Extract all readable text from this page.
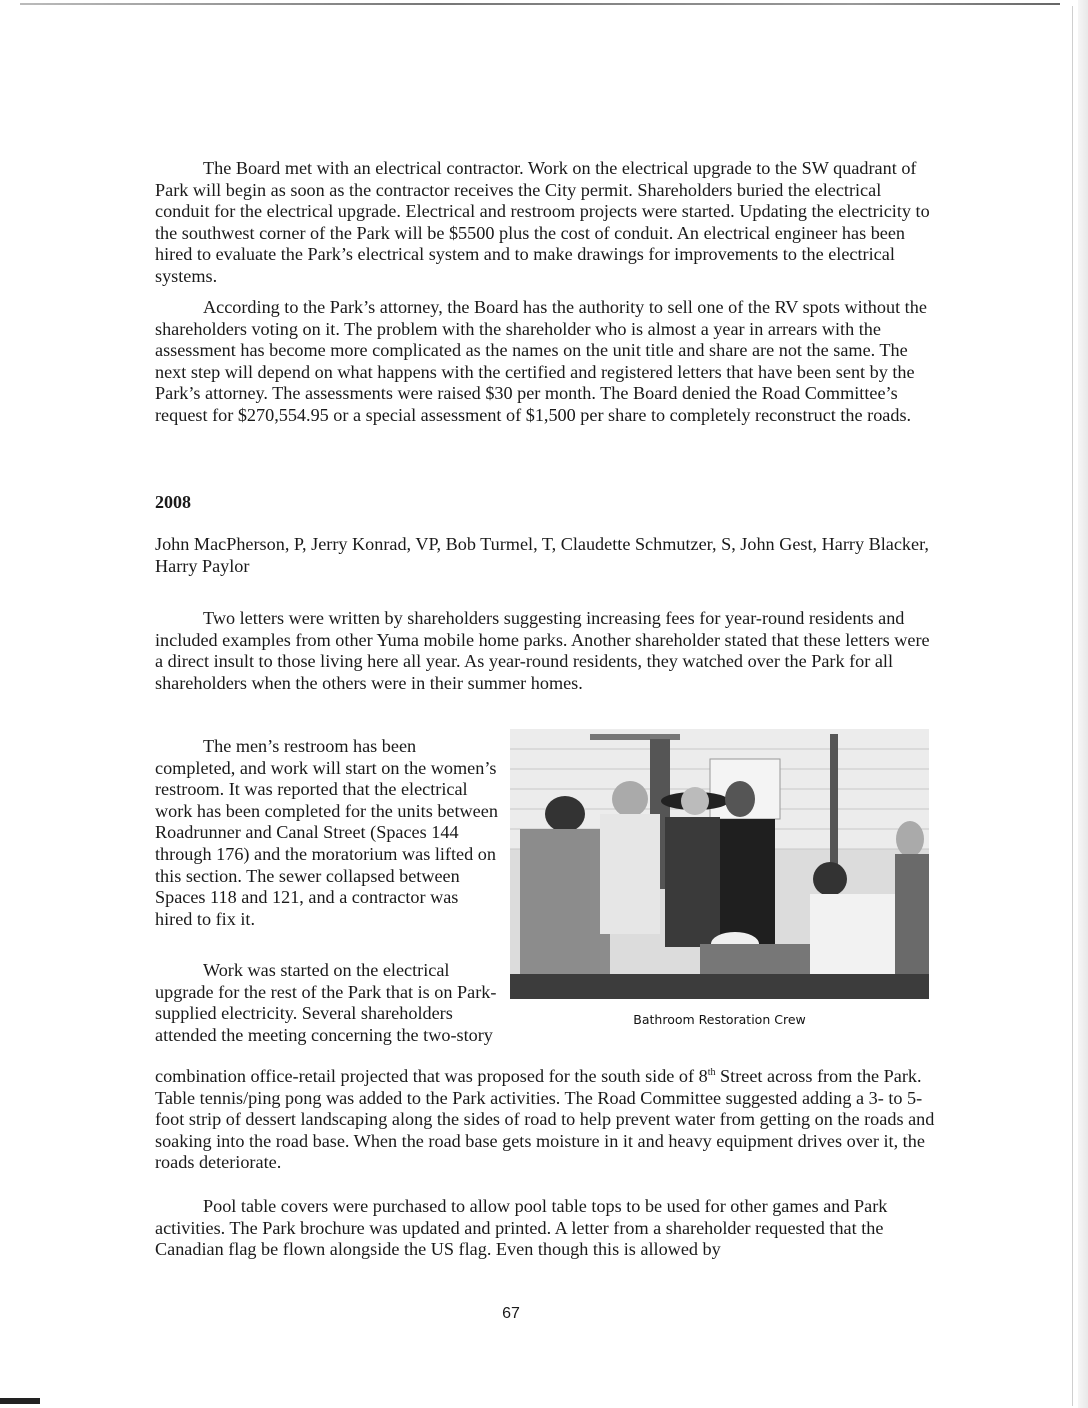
The Board met with an electrical contractor. Work on the electrical upgrade to the SW quadrant of Park will begin as soon as the contractor receives the City permit. Shareholders buried the electrical conduit for the electrical upgrade. Electrical and restroom projects were started. Updating the electricity to the southwest corner of the Park will be $5500 plus the cost of conduit. An electrical engineer has been hired to evaluate the Park’s electrical system and to make drawings for improvements to the electrical systems.

According to the Park’s attorney, the Board has the authority to sell one of the RV spots without the shareholders voting on it. The problem with the shareholder who is almost a year in arrears with the assessment has become more complicated as the names on the unit title and share are not the same. The next step will depend on what happens with the certified and registered letters that have been sent by the Park’s attorney. The assessments were raised $30 per month. The Board denied the Road Committee’s request for $270,554.95 or a special assessment of $1,500 per share to completely reconstruct the roads.

2008

John MacPherson, P, Jerry Konrad, VP, Bob Turmel, T, Claudette Schmutzer, S, John Gest, Harry Blacker, Harry Paylor

Two letters were written by shareholders suggesting increasing fees for year-round residents and included examples from other Yuma mobile home parks. Another shareholder stated that these letters were a direct insult to those living here all year. As year-round residents, they watched over the Park for all shareholders when the others were in their summer homes.

The men’s restroom has been completed, and work will start on the women’s restroom. It was reported that the electrical work has been completed for the units between Roadrunner and Canal Street (Spaces 144 through 176) and the moratorium was lifted on this section. The sewer collapsed between Spaces 118 and 121, and a contractor was hired to fix it.

Work was started on the electrical upgrade for the rest of the Park that is on Park-supplied electricity. Several shareholders attended the meeting concerning the two-story

combination office-retail projected that was proposed for the south side of 8th Street across from the Park. Table tennis/ping pong was added to the Park activities. The Road Committee suggested adding a 3- to 5-foot strip of dessert landscaping along the sides of road to help prevent water from getting on the roads and soaking into the road base. When the road base gets moisture in it and heavy equipment drives over it, the roads deteriorate.

Pool table covers were purchased to allow pool table tops to be used for other games and Park activities. The Park brochure was updated and printed. A letter from a shareholder requested that the Canadian flag be flown alongside the US flag. Even though this is allowed by

Bathroom Restoration Crew
67
